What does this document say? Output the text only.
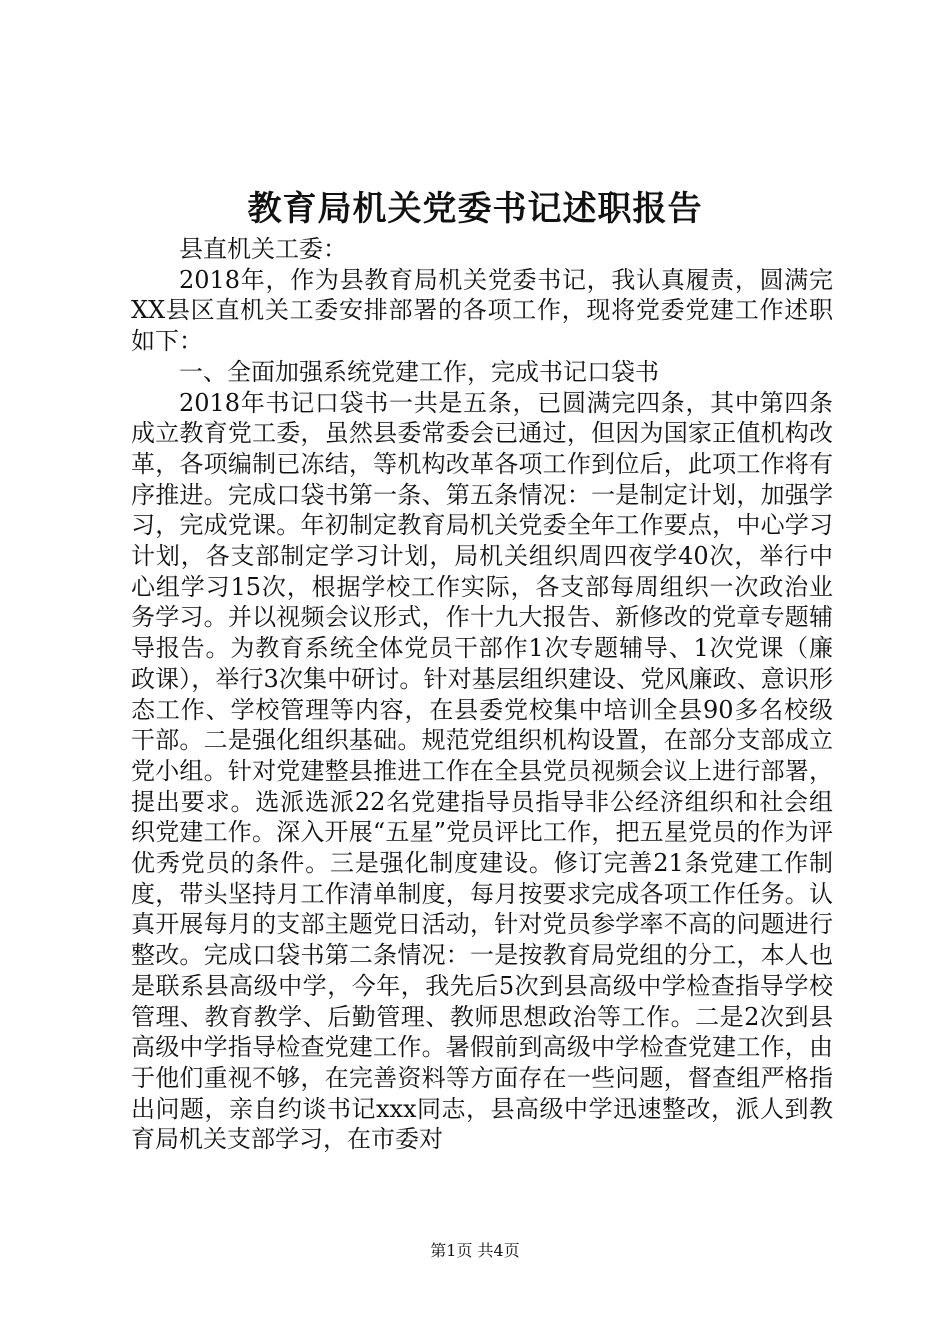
教育局机关党委书记述职报告

县直机关工委：

2018年，作为县教育局机关党委书记，我认真履责，圆满完XX县区直机关工委安排部署的各项工作，现将党委党建工作述职如下：

一、全面加强系统党建工作，完成书记口袋书

2018年书记口袋书一共是五条，已圆满完四条，其中第四条成立教育党工委，虽然县委常委会已通过，但因为国家正值机构改革，各项编制已冻结，等机构改革各项工作到位后，此项工作将有序推进。完成口袋书第一条、第五条情况：一是制定计划，加强学习，完成党课。年初制定教育局机关党委全年工作要点，中心学习计划，各支部制定学习计划，局机关组织周四夜学40次，举行中心组学习15次，根据学校工作实际，各支部每周组织一次政治业务学习。并以视频会议形式，作十九大报告、新修改的党章专题辅导报告。为教育系统全体党员干部作1次专题辅导、1次党课（廉政课），举行3次集中研讨。针对基层组织建设、党风廉政、意识形态工作、学校管理等内容，在县委党校集中培训全县90多名校级干部。二是强化组织基础。规范党组织机构设置，在部分支部成立党小组。针对党建整县推进工作在全县党员视频会议上进行部署，提出要求。选派选派22名党建指导员指导非公经济组织和社会组织党建工作。深入开展“五星”党员评比工作，把五星党员的作为评优秀党员的条件。三是强化制度建设。修订完善21条党建工作制度，带头坚持月工作清单制度，每月按要求完成各项工作任务。认真开展每月的支部主题党日活动，针对党员参学率不高的问题进行整改。完成口袋书第二条情况：一是按教育局党组的分工，本人也是联系县高级中学，今年，我先后5次到县高级中学检查指导学校管理、教育教学、后勤管理、教师思想政治等工作。二是2次到县高级中学指导检查党建工作。暑假前到高级中学检查党建工作，由于他们重视不够，在完善资料等方面存在一些问题，督查组严格指出问题，亲自约谈书记xxx同志，县高级中学迅速整改，派人到教育局机关支部学习，在市委对

第1页 共4页
